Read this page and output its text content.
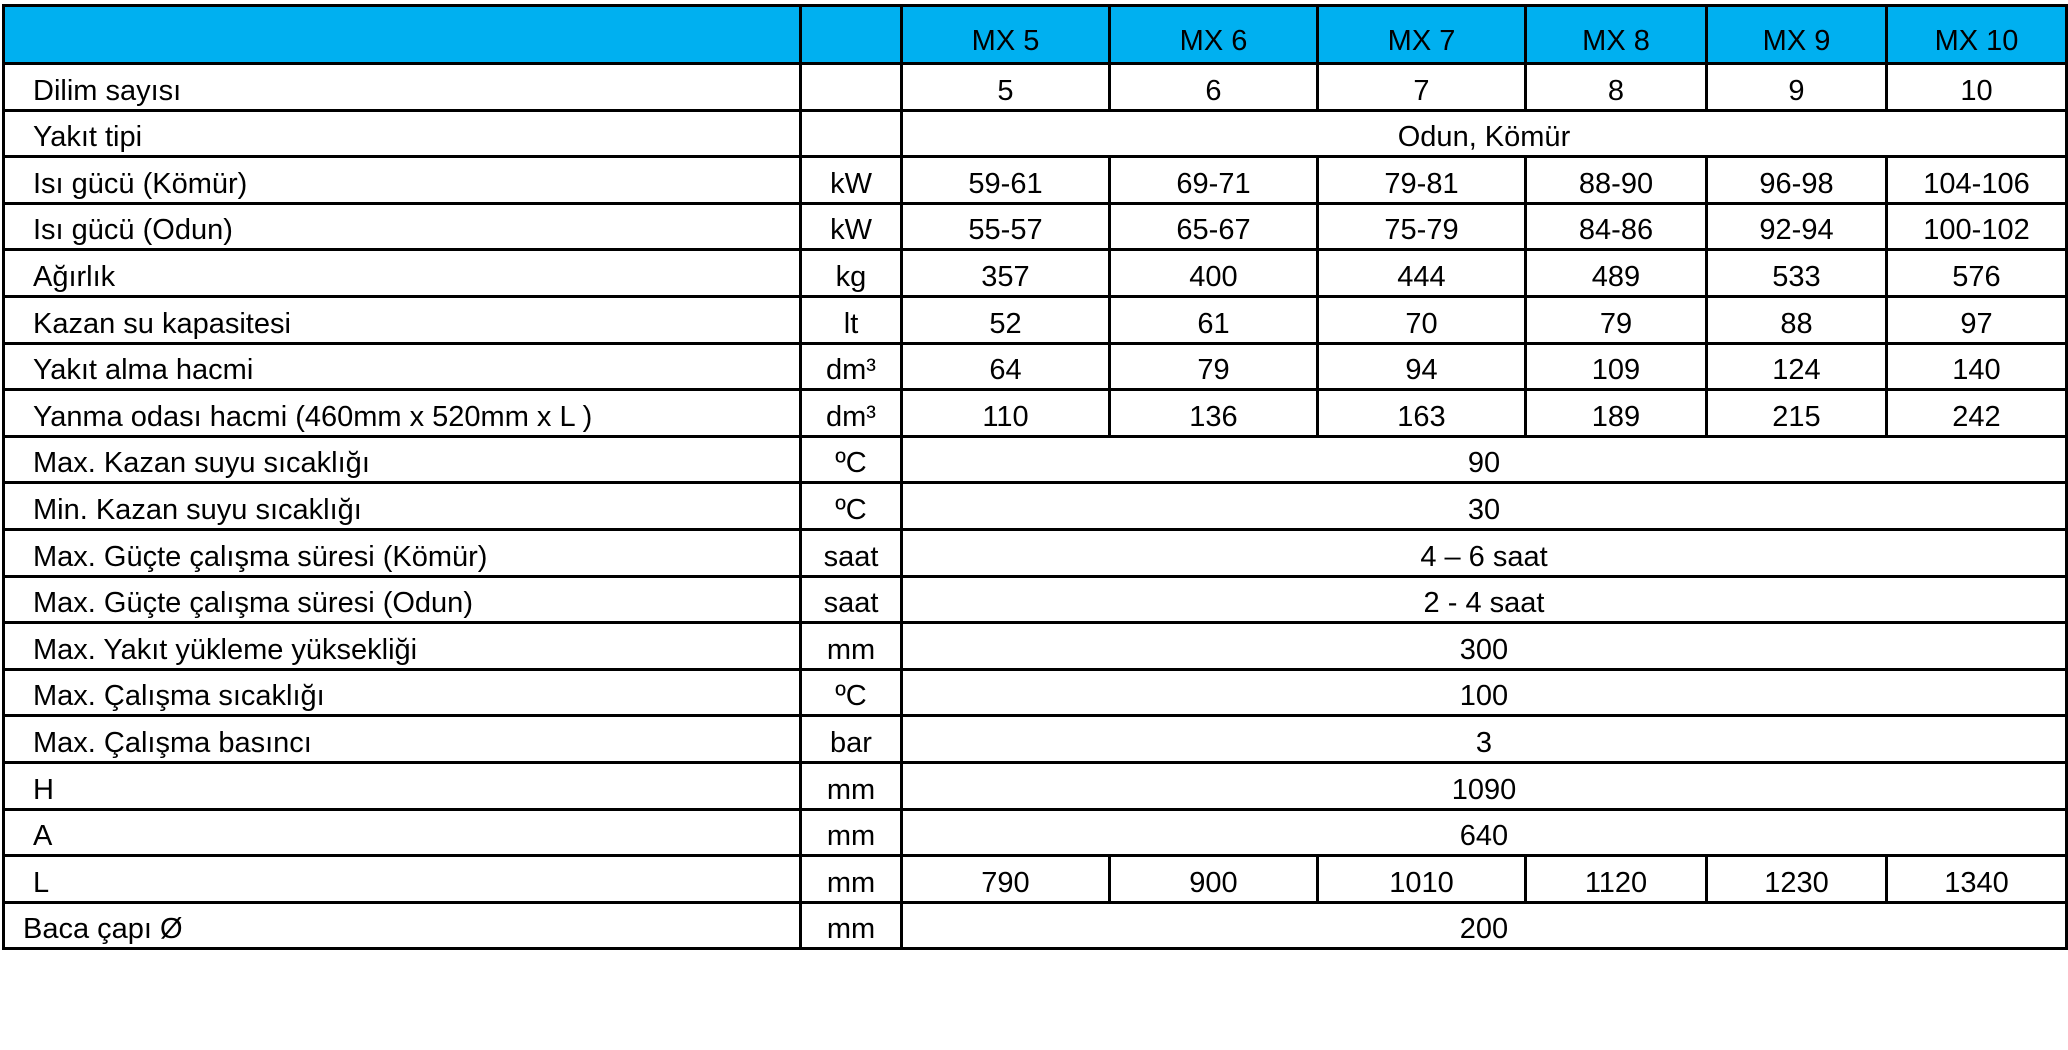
		MX 5	MX 6	MX 7	MX 8	MX 9	MX 10
Dilim sayısı		5	6	7	8	9	10
Yakıt tipi		Odun, Kömür					
Isı gücü (Kömür)	kW	59-61	69-71	79-81	88-90	96-98	104-106
Isı gücü (Odun)	kW	55-57	65-67	75-79	84-86	92-94	100-102
Ağırlık	kg	357	400	444	489	533	576
Kazan su kapasitesi	lt	52	61	70	79	88	97
Yakıt alma hacmi	dm³	64	79	94	109	124	140
Yanma odası hacmi (460mm x 520mm x L )	dm³	110	136	163	189	215	242
Max. Kazan suyu sıcaklığı	ºC	90					
Min. Kazan suyu sıcaklığı	ºC	30					
Max. Güçte çalışma süresi (Kömür)	saat	4 – 6 saat					
Max. Güçte çalışma süresi (Odun)	saat	2 - 4 saat					
Max. Yakıt yükleme yüksekliği	mm	300					
Max. Çalışma sıcaklığı	ºC	100					
Max. Çalışma basıncı	bar	3					
H	mm	1090					
A	mm	640					
L	mm	790	900	1010	1120	1230	1340
Baca çapı Ø	mm	200					
